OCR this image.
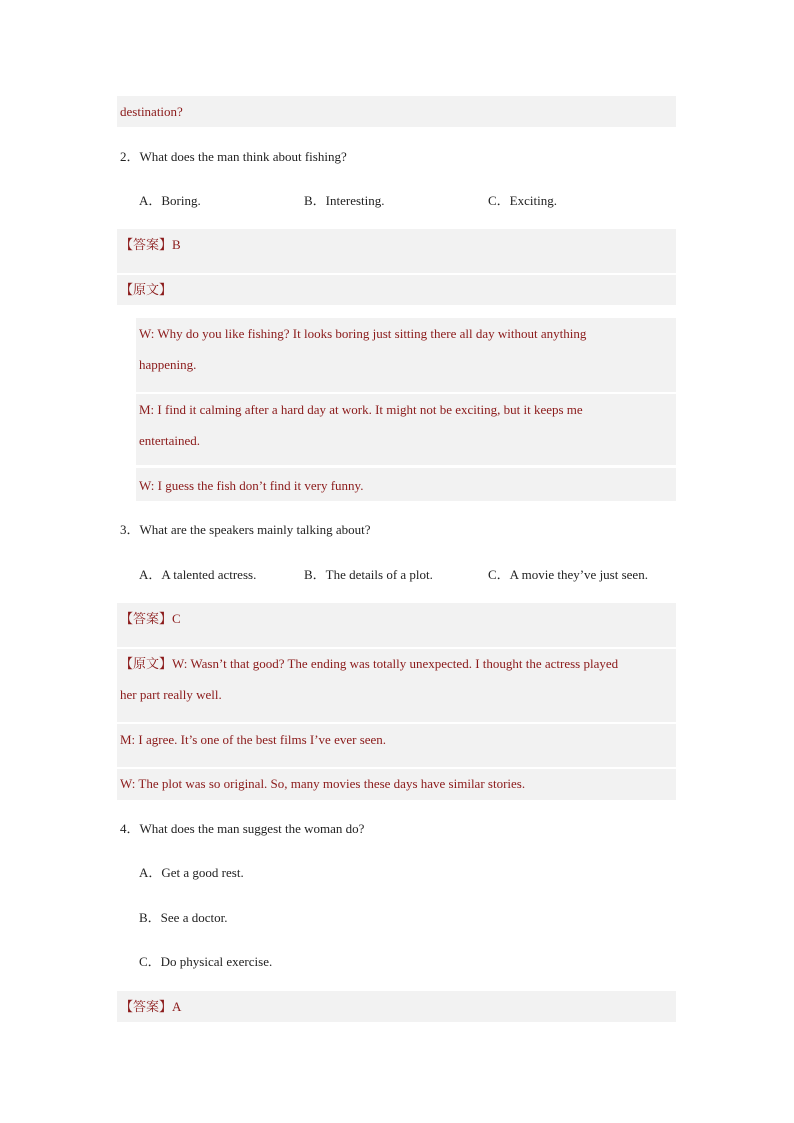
destination?
2．What does the man think about fishing?
A．Boring.	B．Interesting.	C．Exciting.
【答案】B
【原文】
W: Why do you like fishing? It looks boring just sitting there all day without anything
happening.
M: I find it calming after a hard day at work. It might not be exciting, but it keeps me
entertained.
W: I guess the fish don’t find it very funny.
3．What are the speakers mainly talking about?
A．A talented actress.	B．The details of a plot.	C．A movie they’ve just seen.
【答案】C
【原文】W: Wasn’t that good? The ending was totally unexpected. I thought the actress played
her part really well.
M: I agree. It’s one of the best films I’ve ever seen.
W: The plot was so original. So, many movies these days have similar stories.
4．What does the man suggest the woman do?
A．Get a good rest.
B．See a doctor.
C．Do physical exercise.
【答案】A
